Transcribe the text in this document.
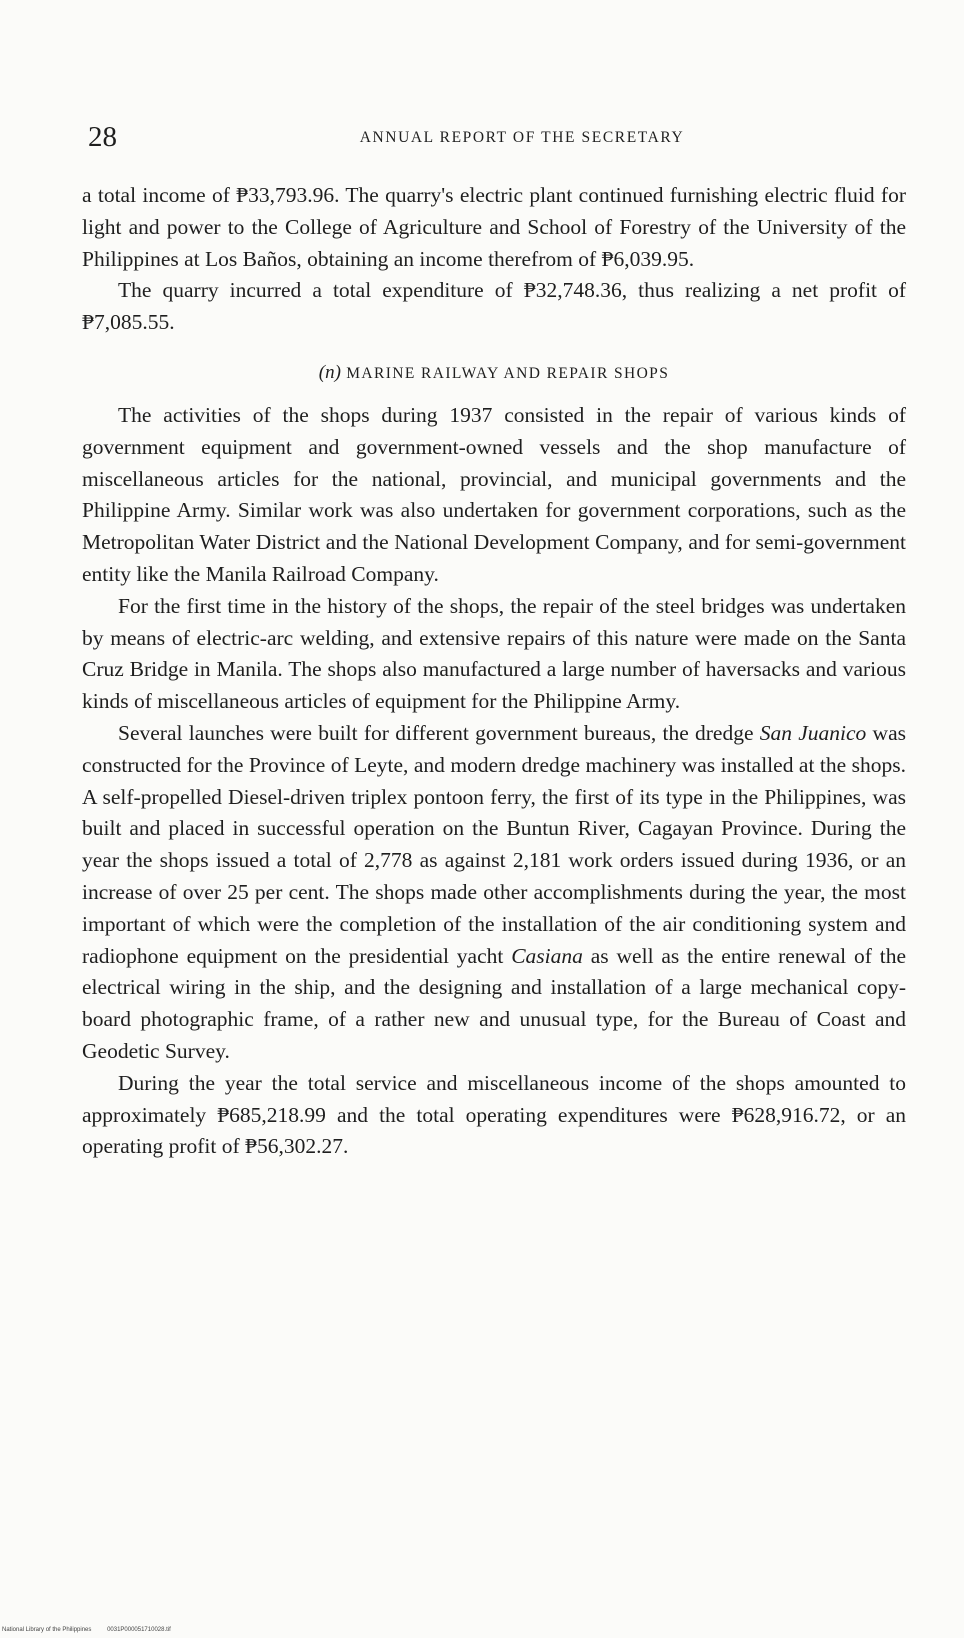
28	ANNUAL REPORT OF THE SECRETARY

a total income of ₱33,793.96. The quarry's electric plant continued furnishing electric fluid for light and power to the College of Agriculture and School of Forestry of the University of the Philippines at Los Baños, obtaining an income therefrom of ₱6,039.95.

The quarry incurred a total expenditure of ₱32,748.36, thus realizing a net profit of ₱7,085.55.

(n) MARINE RAILWAY AND REPAIR SHOPS

The activities of the shops during 1937 consisted in the repair of various kinds of government equipment and government-owned vessels and the shop manufacture of miscellaneous articles for the national, provincial, and municipal governments and the Philippine Army. Similar work was also undertaken for government corporations, such as the Metropolitan Water District and the National Development Company, and for semi-government entity like the Manila Railroad Company.

For the first time in the history of the shops, the repair of the steel bridges was undertaken by means of electric-arc welding, and extensive repairs of this nature were made on the Santa Cruz Bridge in Manila. The shops also manufactured a large number of haversacks and various kinds of miscellaneous articles of equipment for the Philippine Army.

Several launches were built for different government bureaus, the dredge San Juanico was constructed for the Province of Leyte, and modern dredge machinery was installed at the shops. A self-propelled Diesel-driven triplex pontoon ferry, the first of its type in the Philippines, was built and placed in successful operation on the Buntun River, Cagayan Province. During the year the shops issued a total of 2,778 as against 2,181 work orders issued during 1936, or an increase of over 25 per cent. The shops made other accomplishments during the year, the most important of which were the completion of the installation of the air conditioning system and radiophone equipment on the presidential yacht Casiana as well as the entire renewal of the electrical wiring in the ship, and the designing and installation of a large mechanical copy-board photographic frame, of a rather new and unusual type, for the Bureau of Coast and Geodetic Survey.

During the year the total service and miscellaneous income of the shops amounted to approximately ₱685,218.99 and the total operating expenditures were ₱628,916.72, or an operating profit of ₱56,302.27.

National Library of the Philippines	0031P000051710028.tif
